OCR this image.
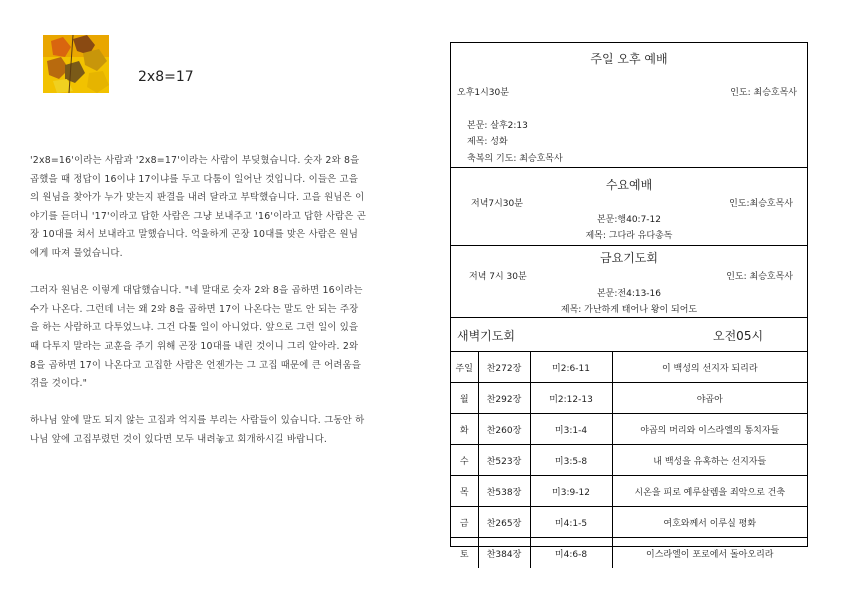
2x8=17

'2x8=16'이라는 사람과 '2x8=17'이라는 사람이 부딪혔습니다. 숫자 2와 8을 곱했을 때 정답이 16이냐 17이냐를 두고 다툼이 일어난 것입니다. 이들은 고을의 원님을 찾아가 누가 맞는지 판결을 내려 달라고 부탁했습니다. 고을 원님은 이야기를 듣더니 '17'이라고 답한 사람은 그냥 보내주고 '16'이라고 답한 사람은 곤장 10대를 쳐서 보내라고 말했습니다. 억울하게 곤장 10대를 맞은 사람은 원님에게 따져 물었습니다.

그러자 원님은 이렇게 대답했습니다. "네 말대로 숫자 2와 8을 곱하면 16이라는 수가 나온다. 그런데 너는 왜 2와 8을 곱하면 17이 나온다는 말도 안 되는 주장을 하는 사람하고 다투었느냐. 그건 다툴 일이 아니었다. 앞으로 그런 일이 있을 때 다투지 말라는 교훈을 주기 위해 곤장 10대를 내린 것이니 그리 알아라. 2와 8을 곱하면 17이 나온다고 고집한 사람은 언젠가는 그 고집 때문에 큰 어려움을 겪을 것이다."

하나님 앞에 말도 되지 않는 고집과 억지를 부리는 사람들이 있습니다. 그동안 하나님 앞에 고집부렸던 것이 있다면 모두 내려놓고 회개하시길 바랍니다.

주일 오후 예배
오후1시30분	인도: 최승호목사
본문: 살후2:13
제목: 성화
축복의 기도: 최승호목사
수요예배
저녁7시30분	인도:최승호목사
본문:행40:7-12
제목: 그다라 유다총독
금요기도회
저녁 7시 30분	인도: 최승호목사
본문:전4:13-16
제목: 가난하게 태어나 왕이 되어도
새벽기도회	오전05시
주일	찬272장	미2:6-11	이 백성의 선지자 되리라
월	찬292장	미2:12-13	야곱아
화	찬260장	미3:1-4	야곱의 머리와 이스라엘의 통치자들
수	찬523장	미3:5-8	내 백성을 유혹하는 선지자들
목	찬538장	미3:9-12	시온을 피로 예루살렘을 죄악으로 건축
금	찬265장	미4:1-5	여호와께서 이루실 평화
토	찬384장	미4:6-8	이스라엘이 포로에서 돌아오리라
